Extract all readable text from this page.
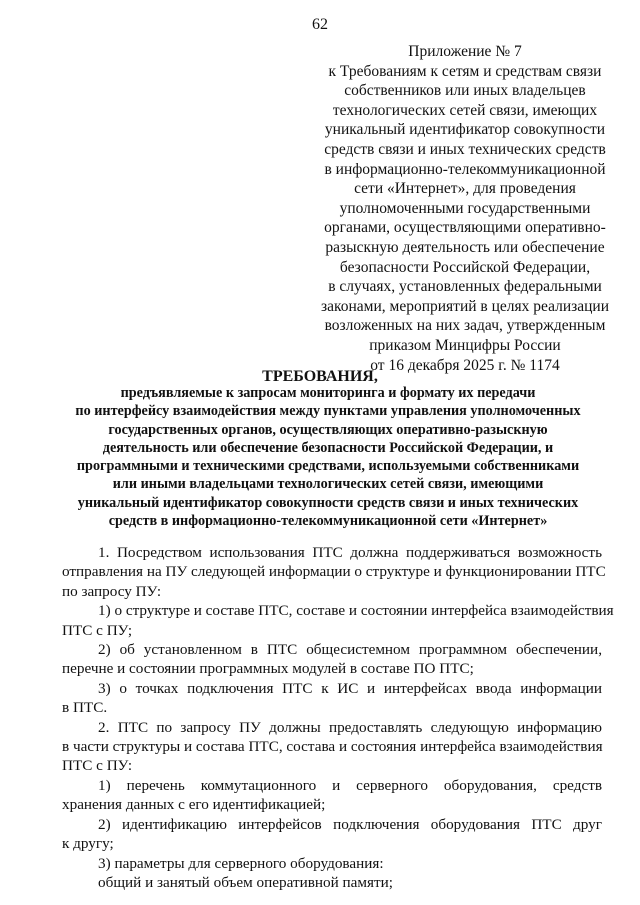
62
Приложение № 7
к Требованиям к сетям и средствам связи
собственников или иных владельцев
технологических сетей связи, имеющих
уникальный идентификатор совокупности
средств связи и иных технических средств
в информационно-телекоммуникационной
сети «Интернет», для проведения
уполномоченными государственными
органами, осуществляющими оперативно-
разыскную деятельность или обеспечение
безопасности Российской Федерации,
в случаях, установленных федеральными
законами, мероприятий в целях реализации
возложенных на них задач, утвержденным
приказом Минцифры России
от 16 декабря 2025 г. № 1174
ТРЕБОВАНИЯ,
предъявляемые к запросам мониторинга и формату их передачи
по интерфейсу взаимодействия между пунктами управления уполномоченных
государственных органов, осуществляющих оперативно-разыскную
деятельность или обеспечение безопасности Российской Федерации, и
программными и техническими средствами, используемыми собственниками
или иными владельцами технологических сетей связи, имеющими
уникальный идентификатор совокупности средств связи и иных технических
средств в информационно-телекоммуникационной сети «Интернет»
1. Посредством использования ПТС должна поддерживаться возможность
отправления на ПУ следующей информации о структуре и функционировании ПТС
по запросу ПУ:
1) о структуре и составе ПТС, составе и состоянии интерфейса взаимодействия
ПТС с ПУ;
2) об установленном в ПТС общесистемном программном обеспечении,
перечне и состоянии программных модулей в составе ПО ПТС;
3) о точках подключения ПТС к ИС и интерфейсах ввода информации
в ПТС.
2. ПТС по запросу ПУ должны предоставлять следующую информацию
в части структуры и состава ПТС, состава и состояния интерфейса взаимодействия
ПТС с ПУ:
1) перечень коммутационного и серверного оборудования, средств
хранения данных с его идентификацией;
2) идентификацию интерфейсов подключения оборудования ПТС друг
к другу;
3) параметры для серверного оборудования:
общий и занятый объем оперативной памяти;
